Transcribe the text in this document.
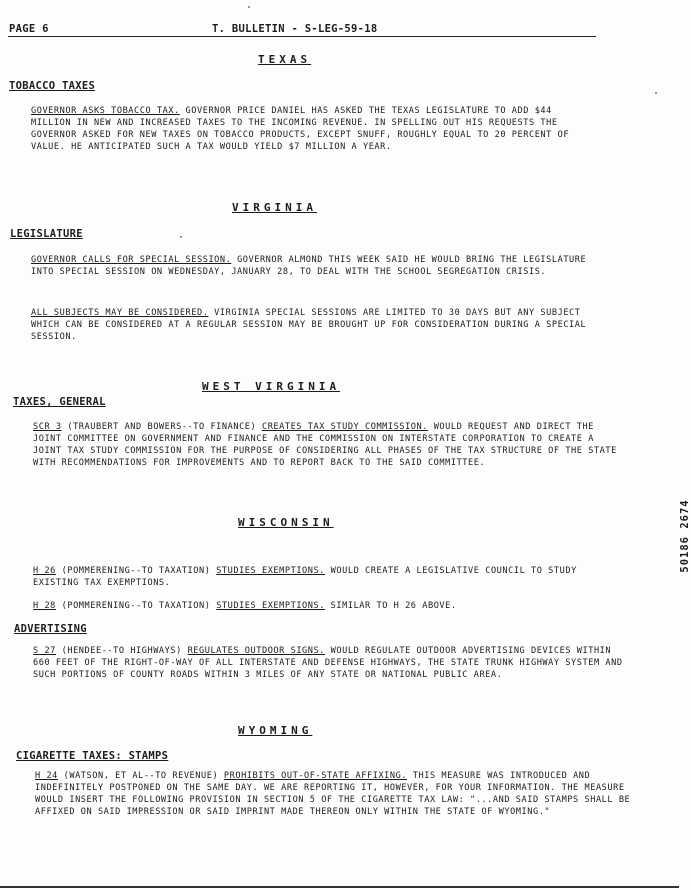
PAGE 6	T. BULLETIN - S-LEG-59-18
TEXAS
TOBACCO TAXES
GOVERNOR ASKS TOBACCO TAX. GOVERNOR PRICE DANIEL HAS ASKED THE TEXAS LEGISLATURE TO ADD $44 MILLION IN NEW AND INCREASED TAXES TO THE INCOMING REVENUE. IN SPELLING OUT HIS REQUESTS THE GOVERNOR ASKED FOR NEW TAXES ON TOBACCO PRODUCTS, EXCEPT SNUFF, ROUGHLY EQUAL TO 20 PERCENT OF VALUE. HE ANTICIPATED SUCH A TAX WOULD YIELD $7 MILLION A YEAR.
VIRGINIA
LEGISLATURE
GOVERNOR CALLS FOR SPECIAL SESSION. GOVERNOR ALMOND THIS WEEK SAID HE WOULD BRING THE LEGISLATURE INTO SPECIAL SESSION ON WEDNESDAY, JANUARY 28, TO DEAL WITH THE SCHOOL SEGREGATION CRISIS.
ALL SUBJECTS MAY BE CONSIDERED. VIRGINIA SPECIAL SESSIONS ARE LIMITED TO 30 DAYS BUT ANY SUBJECT WHICH CAN BE CONSIDERED AT A REGULAR SESSION MAY BE BROUGHT UP FOR CONSIDERATION DURING A SPECIAL SESSION.
WEST VIRGINIA
TAXES, GENERAL
SCR 3 (TRAUBERT AND BOWERS--TO FINANCE) CREATES TAX STUDY COMMISSION. WOULD REQUEST AND DIRECT THE JOINT COMMITTEE ON GOVERNMENT AND FINANCE AND THE COMMISSION ON INTERSTATE CORPORATION TO CREATE A JOINT TAX STUDY COMMISSION FOR THE PURPOSE OF CONSIDERING ALL PHASES OF THE TAX STRUCTURE OF THE STATE WITH RECOMMENDATIONS FOR IMPROVEMENTS AND TO REPORT BACK TO THE SAID COMMITTEE.
WISCONSIN
H 26 (POMMERENING--TO TAXATION) STUDIES EXEMPTIONS. WOULD CREATE A LEGISLATIVE COUNCIL TO STUDY EXISTING TAX EXEMPTIONS.
H 28 (POMMERENING--TO TAXATION) STUDIES EXEMPTIONS. SIMILAR TO H 26 ABOVE.
ADVERTISING
S 27 (HENDEE--TO HIGHWAYS) REGULATES OUTDOOR SIGNS. WOULD REGULATE OUTDOOR ADVERTISING DEVICES WITHIN 660 FEET OF THE RIGHT-OF-WAY OF ALL INTERSTATE AND DEFENSE HIGHWAYS, THE STATE TRUNK HIGHWAY SYSTEM AND SUCH PORTIONS OF COUNTY ROADS WITHIN 3 MILES OF ANY STATE OR NATIONAL PUBLIC AREA.
WYOMING
CIGARETTE TAXES: STAMPS
H 24 (WATSON, ET AL--TO REVENUE) PROHIBITS OUT-OF-STATE AFFIXING. THIS MEASURE WAS INTRODUCED AND INDEFINITELY POSTPONED ON THE SAME DAY. WE ARE REPORTING IT, HOWEVER, FOR YOUR INFORMATION. THE MEASURE WOULD INSERT THE FOLLOWING PROVISION IN SECTION 5 OF THE CIGARETTE TAX LAW: "...AND SAID STAMPS SHALL BE AFFIXED ON SAID IMPRESSION OR SAID IMPRINT MADE THEREON ONLY WITHIN THE STATE OF WYOMING."
50186 2674
